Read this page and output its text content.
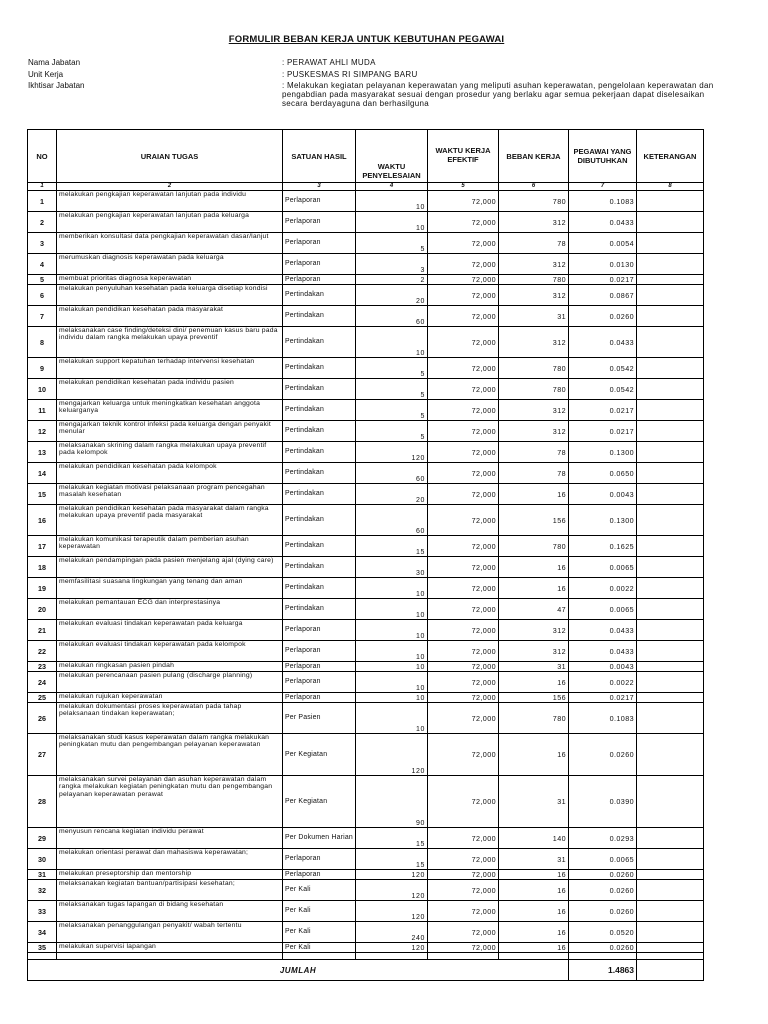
FORMULIR BEBAN KERJA UNTUK KEBUTUHAN PEGAWAI
Nama Jabatan	: PERAWAT AHLI MUDA
Unit Kerja	: PUSKESMAS RI SIMPANG BARU
Ikhtisar Jabatan	: Melakukan kegiatan pelayanan keperawatan yang meliputi asuhan keperawatan, pengelolaan keperawatan dan pengabdian pada masyarakat sesuai dengan prosedur yang berlaku agar semua pekerjaan dapat diselesaikan secara berdayaguna dan berhasilguna
NO	URAIAN TUGAS	SATUAN HASIL	WAKTU PENYELESAIAN	WAKTU KERJA EFEKTIF	BEBAN KERJA	PEGAWAI YANG DIBUTUHKAN	KETERANGAN
1	2	3	4	5	6	7	8
1	melakukan pengkajian keperawatan lanjutan pada individu	Perlaporan	10	72,000	780	0.1083	
2	melakukan pengkajian keperawatan lanjutan pada keluarga	Perlaporan	10	72,000	312	0.0433	
3	memberikan konsultasi data pengkajian keperawatan dasar/lanjut	Perlaporan	5	72,000	78	0.0054	
4	merumuskan diagnosis keperawatan pada keluarga	Perlaporan	3	72,000	312	0.0130	
5	membuat prioritas diagnosa keperawatan	Perlaporan	2	72,000	780	0.0217	
6	melakukan penyuluhan kesehatan pada keluarga disetiap kondisi	Pertindakan	20	72,000	312	0.0867	
7	melakukan pendidikan kesehatan pada masyarakat	Pertindakan	60	72,000	31	0.0260	
8	melaksanakan case finding/deteksi dini/ penemuan kasus baru pada individu dalam rangka melakukan upaya preventif	Pertindakan	10	72,000	312	0.0433	
9	melakukan support kepatuhan terhadap intervensi kesehatan	Pertindakan	5	72,000	780	0.0542	
10	melakukan pendidikan kesehatan pada individu pasien	Pertindakan	5	72,000	780	0.0542	
11	mengajarkan keluarga untuk meningkatkan kesehatan anggota keluarganya	Pertindakan	5	72,000	312	0.0217	
12	mengajarkan teknik kontrol infeksi pada keluarga dengan penyakit menular	Pertindakan	5	72,000	312	0.0217	
13	melaksanakan skrining dalam rangka melakukan upaya preventif pada kelompok	Pertindakan	120	72,000	78	0.1300	
14	melakukan pendidikan kesehatan pada kelompok	Pertindakan	60	72,000	78	0.0650	
15	melakukan kegiatan motivasi pelaksanaan program pencegahan masalah kesehatan	Pertindakan	20	72,000	16	0.0043	
16	melakukan pendidikan kesehatan pada masyarakat dalam rangka melakukan upaya preventif pada masyarakat	Pertindakan	60	72,000	156	0.1300	
17	melakukan komunikasi terapeutik dalam pemberian asuhan keperawatan	Pertindakan	15	72,000	780	0.1625	
18	melakukan pendampingan pada pasien menjelang ajal (dying care)	Pertindakan	30	72,000	16	0.0065	
19	memfasilitasi suasana lingkungan yang tenang dan aman	Pertindakan	10	72,000	16	0.0022	
20	melakukan pemantauan ECG dan interprestasinya	Pertindakan	10	72,000	47	0.0065	
21	melakukan evaluasi tindakan keperawatan pada keluarga	Perlaporan	10	72,000	312	0.0433	
22	melakukan evaluasi tindakan keperawatan pada kelompok	Perlaporan	10	72,000	312	0.0433	
23	melakukan ringkasan pasien pindah	Perlaporan	10	72,000	31	0.0043	
24	melakukan perencanaan pasien pulang (discharge planning)	Perlaporan	10	72,000	16	0.0022	
25	melakukan rujukan keperawatan	Perlaporan	10	72,000	156	0.0217	
26	melakukan dokumentasi proses keperawatan pada tahap pelaksanaan tindakan keperawatan;	Per Pasien	10	72,000	780	0.1083	
27	melaksanakan studi kasus keperawatan dalam rangka melakukan peningkatan mutu dan pengembangan pelayanan keperawatan	Per Kegiatan	120	72,000	16	0.0260	
28	melaksanakan survei pelayanan dan asuhan keperawatan dalam rangka melakukan kegiatan peningkatan mutu dan pengembangan pelayanan keperawatan perawat	Per Kegiatan	90	72,000	31	0.0390	
29	menyusun rencana kegiatan individu perawat	Per Dokumen Harian	15	72,000	140	0.0293	
30	melakukan orientasi perawat dan mahasiswa keperawatan;	Perlaporan	15	72,000	31	0.0065	
31	melakukan preseptorship dan mentorship	Perlaporan	120	72,000	16	0.0260	
32	melaksanakan kegiatan bantuan/partisipasi kesehatan;	Per Kali	120	72,000	16	0.0260	
33	melaksanakan tugas lapangan di bidang kesehatan	Per Kali	120	72,000	16	0.0260	
34	melaksanakan penanggulangan penyakit/ wabah tertentu	Per Kali	240	72,000	16	0.0520	
35	melakukan supervisi lapangan	Per Kali	120	72,000	16	0.0260	

JUMLAH						1.4863	
